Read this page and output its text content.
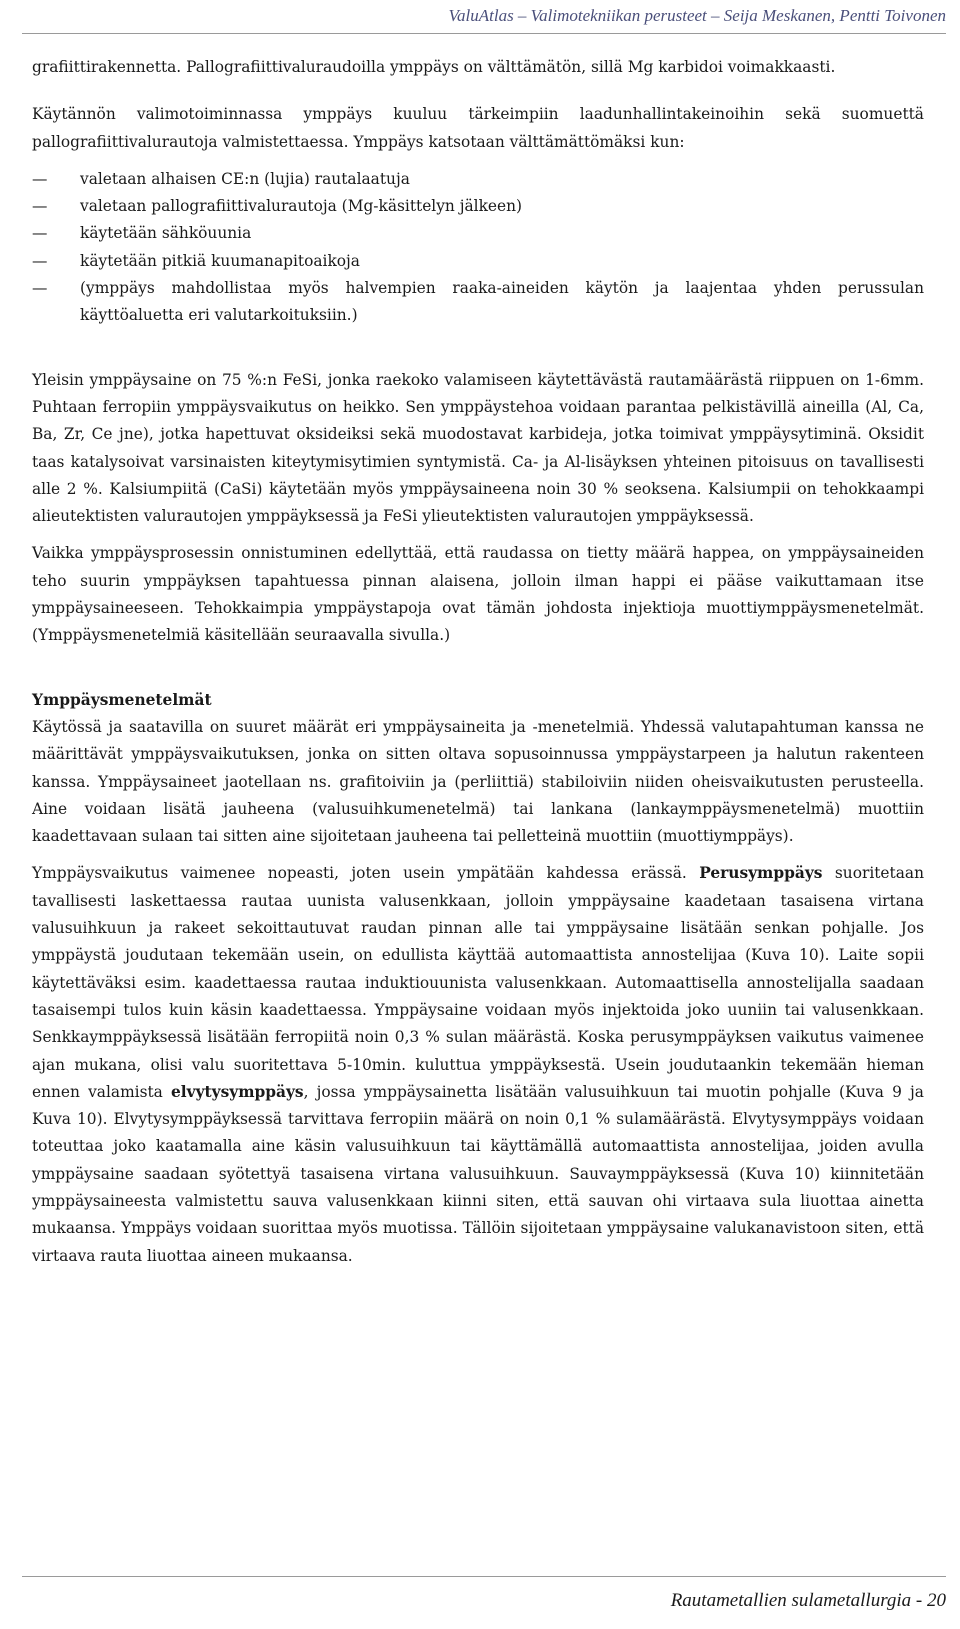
ValuAtlas – Valimotekniikan perusteet – Seija Meskanen, Pentti Toivonen

grafiittirakennetta. Pallografiittivaluraudoilla ymppäys on välttämätön, sillä Mg karbidoi voimakkaasti.

Käytännön valimotoiminnassa ymppäys kuuluu tärkeimpiin laadunhallintakeinoihin sekä suomuettä pallografiittivalurautoja valmistettaessa. Ymppäys katsotaan välttämättömäksi kun:

—	valetaan alhaisen CE:n (lujia) rautalaatuja
—	valetaan pallografiittivalurautoja (Mg-käsittelyn jälkeen)
—	käytetään sähköuunia
—	käytetään pitkiä kuumanapitoaikoja
—	(ymppäys mahdollistaa myös halvempien raaka-aineiden käytön ja laajentaa yhden perussulan käyttöaluetta eri valutarkoituksiin.)

Yleisin ymppäysaine on 75 %:n FeSi, jonka raekoko valamiseen käytettävästä rautamäärästä riippuen on 1-6mm. Puhtaan ferropiin ymppäysvaikutus on heikko. Sen ymppäystehoa voidaan parantaa pelkistävillä aineilla (Al, Ca, Ba, Zr, Ce jne), jotka hapettuvat oksideiksi sekä muodostavat karbideja, jotka toimivat ymppäysytiminä. Oksidit taas katalysoivat varsinaisten kiteytymisytimien syntymistä. Ca- ja Al-lisäyksen yhteinen pitoisuus on tavallisesti alle 2 %. Kalsiumpiitä (CaSi) käytetään myös ymppäysaineena noin 30 % seoksena. Kalsiumpii on tehokkaampi alieutektisten valurautojen ymppäyksessä ja FeSi ylieutektisten valurautojen ymppäyksessä.

Vaikka ymppäysprosessin onnistuminen edellyttää, että raudassa on tietty määrä happea, on ymppäysaineiden teho suurin ymppäyksen tapahtuessa pinnan alaisena, jolloin ilman happi ei pääse vaikuttamaan itse ymppäysaineeseen. Tehokkaimpia ymppäystapoja ovat tämän johdosta injektioja muottiymppäysmenetelmät. (Ymppäysmenetelmiä käsitellään seuraavalla sivulla.)

Ymppäysmenetelmät

Käytössä ja saatavilla on suuret määrät eri ymppäysaineita ja -menetelmiä. Yhdessä valutapahtuman kanssa ne määrittävät ymppäysvaikutuksen, jonka on sitten oltava sopusoinnussa ymppäystarpeen ja halutun rakenteen kanssa. Ymppäysaineet jaotellaan ns. grafitoiviin ja (perliittiä) stabiloiviin niiden oheisvaikutusten perusteella. Aine voidaan lisätä jauheena (valusuihkumenetelmä) tai lankana (lankaymppäysmenetelmä) muottiin kaadettavaan sulaan tai sitten aine sijoitetaan jauheena tai pelletteinä muottiin (muottiymppäys).

Ymppäysvaikutus vaimenee nopeasti, joten usein ympätään kahdessa erässä. Perusymppäys suoritetaan tavallisesti laskettaessa rautaa uunista valusenkkaan, jolloin ymppäysaine kaadetaan tasaisena virtana valusuihkuun ja rakeet sekoittautuvat raudan pinnan alle tai ymppäysaine lisätään senkan pohjalle. Jos ymppäystä joudutaan tekemään usein, on edullista käyttää automaattista annostelijaa (Kuva 10). Laite sopii käytettäväksi esim. kaadettaessa rautaa induktiouunista valusenkkaan. Automaattisella annostelijalla saadaan tasaisempi tulos kuin käsin kaadettaessa. Ymppäysaine voidaan myös injektoida joko uuniin tai valusenkkaan. Senkkaymppäyksessä lisätään ferropiitä noin 0,3 % sulan määrästä. Koska perusymppäyksen vaikutus vaimenee ajan mukana, olisi valu suoritettava 5-10min. kuluttua ymppäyksestä. Usein joudutaankin tekemään hieman ennen valamista elvytysymppäys, jossa ymppäysainetta lisätään valusuihkuun tai muotin pohjalle (Kuva 9 ja Kuva 10). Elvytysymppäyksessä tarvittava ferropiin määrä on noin 0,1 % sulamäärästä. Elvytysymppäys voidaan toteuttaa joko kaatamalla aine käsin valusuihkuun tai käyttämällä automaattista annostelijaa, joiden avulla ymppäysaine saadaan syötettyä tasaisena virtana valusuihkuun. Sauvaymppäyksessä (Kuva 10) kiinnitetään ymppäysaineesta valmistettu sauva valusenkkaan kiinni siten, että sauvan ohi virtaava sula liuottaa ainetta mukaansa. Ymppäys voidaan suorittaa myös muotissa. Tällöin sijoitetaan ymppäysaine valukanavistoon siten, että virtaava rauta liuottaa aineen mukaansa.

Rautametallien sulametallurgia - 20
